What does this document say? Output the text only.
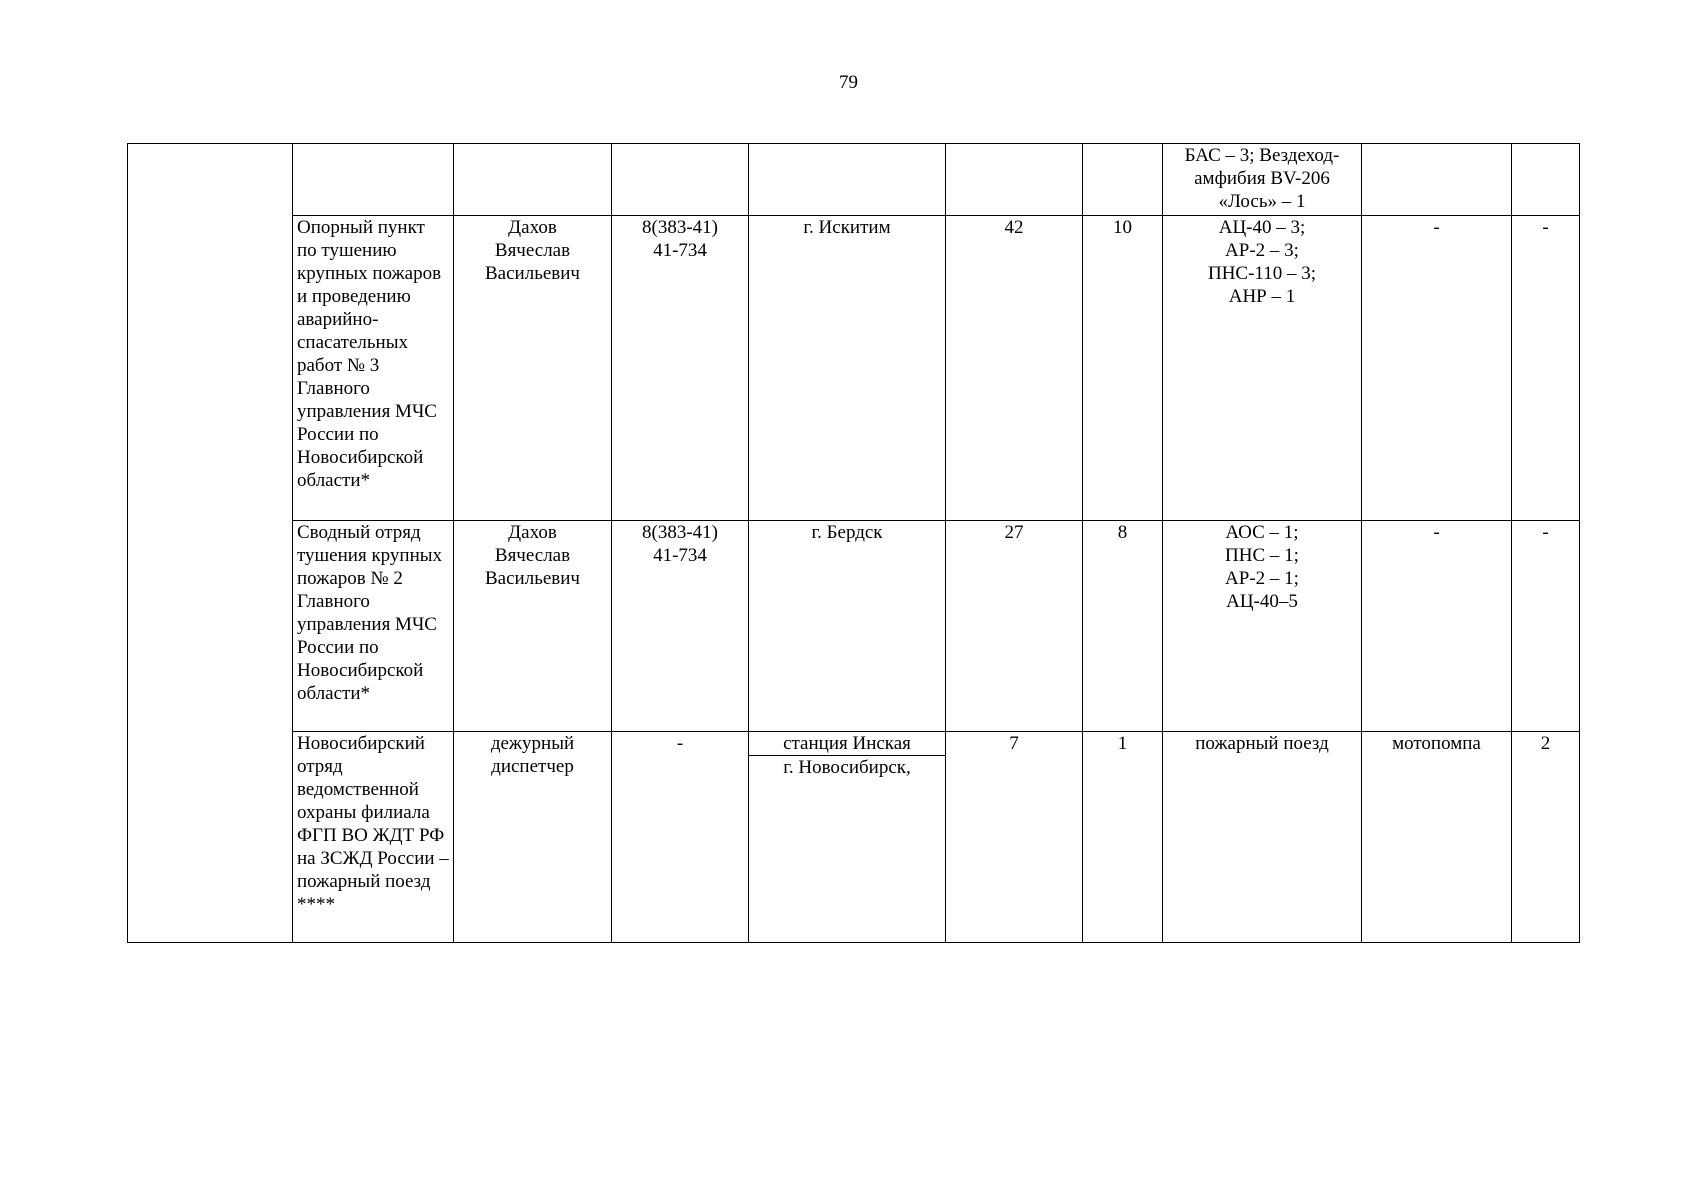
79

							БАС – 3; Вездеход-
амфибия BV-206
«Лось» – 1		

	Опорный пункт по тушению крупных пожаров и проведению аварийно-спасательных работ № 3 Главного управления МЧС России по Новосибирской области*	Дахов
Вячеслав
Васильевич	8(383-41)
41-734	г. Искитим	42	10	АЦ-40 – 3;
АР-2 – 3;
ПНС-110 – 3;
АНР – 1	-	-
	Сводный отряд тушения крупных пожаров № 2 Главного управления МЧС России по Новосибирской области*	Дахов
Вячеслав
Васильевич	8(383-41)
41-734	г. Бердск	27	8	АОС – 1;
ПНС – 1;
АР-2 – 1;
АЦ-40–5	-	-
	Новосибирский отряд ведомственной охраны филиала ФГП ВО ЖДТ РФ на ЗСЖД России – пожарный поезд ****	дежурный
диспетчер	-	станция Инская
г. Новосибирск,	7	1	пожарный поезд	мотопомпа	2
